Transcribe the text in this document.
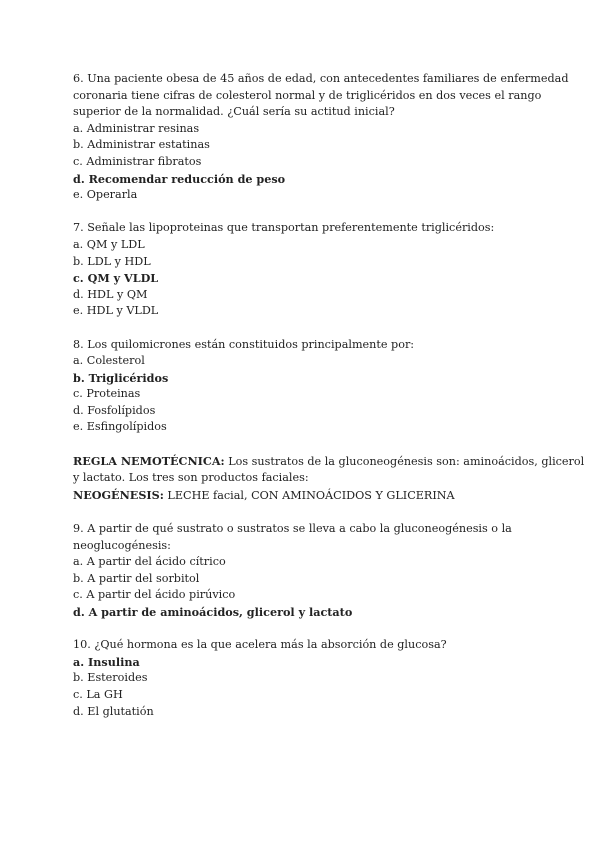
6. Una paciente obesa de 45 años de edad, con antecedentes familiares de enfermedad
coronaria tiene cifras de colesterol normal y de triglicéridos en dos veces el rango
superior de la normalidad. ¿Cuál sería su actitud inicial?
a. Administrar resinas
b. Administrar estatinas
c. Administrar fibratos
d. Recomendar reducción de peso
e. Operarla
7. Señale las lipoproteinas que transportan preferentemente triglicéridos:
a. QM y LDL
b. LDL y HDL
c. QM y VLDL
d. HDL y QM
e. HDL y VLDL
8. Los quilomicrones están constituidos principalmente por:
a. Colesterol
b. Triglicéridos
c. Proteinas
d. Fosfolípidos
e. Esfingolípidos
REGLA NEMOTÉCNICA: Los sustratos de la gluconeogénesis son: aminoácidos, glicerol
y lactato. Los tres son productos faciales:
NEOGÉNESIS: LECHE facial, CON AMINOÁCIDOS Y GLICERINA
9. A partir de qué sustrato o sustratos se lleva a cabo la gluconeogénesis o la
neoglucogénesis:
a. A partir del ácido cítrico
b. A partir del sorbitol
c. A partir del ácido pirúvico
d. A partir de aminoácidos, glicerol y lactato
10. ¿Qué hormona es la que acelera más la absorción de glucosa?
a. Insulina
b. Esteroides
c. La GH
d. El glutatión
